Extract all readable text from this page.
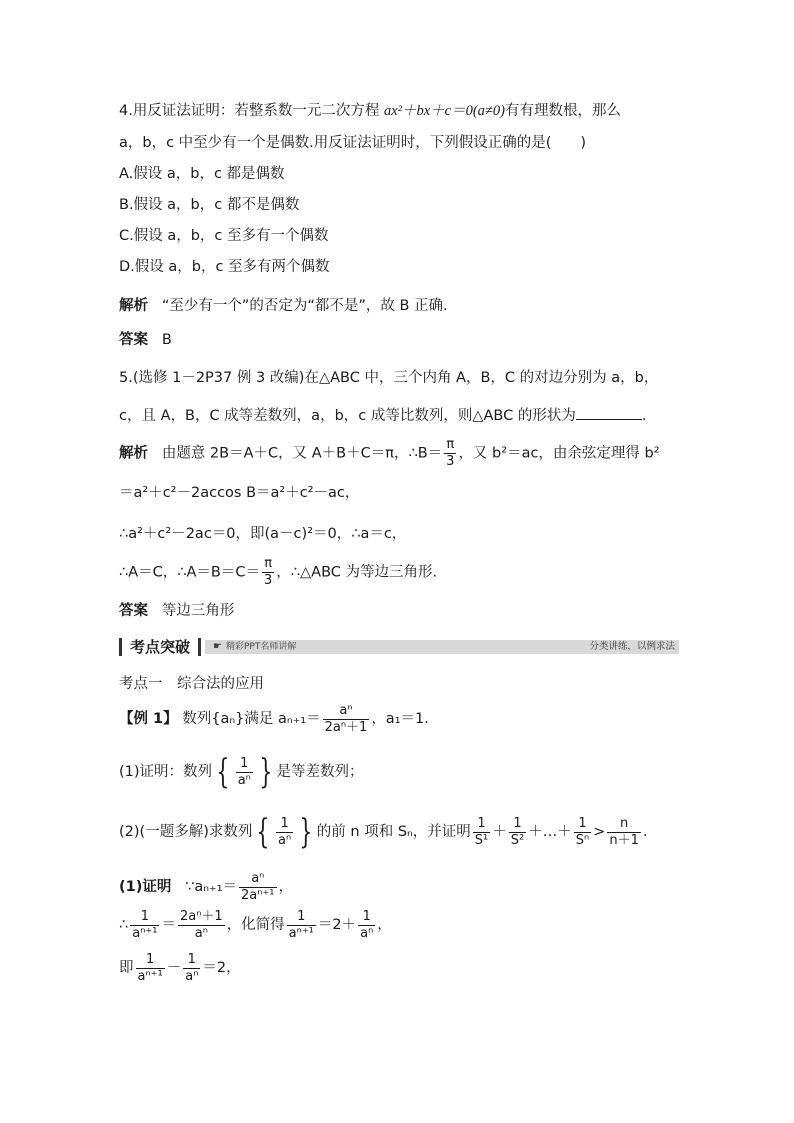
4.用反证法证明：若整系数一元二次方程 ax²＋bx＋c＝0(a≠0)有有理数根，那么
a，b，c 中至少有一个是偶数.用反证法证明时，下列假设正确的是(　　)
A.假设 a，b，c 都是偶数
B.假设 a，b，c 都不是偶数
C.假设 a，b，c 至多有一个偶数
D.假设 a，b，c 至多有两个偶数
解析 “至少有一个”的否定为“都不是”，故 B 正确.
答案 B
5.(选修 1－2P37 例 3 改编)在△ABC 中，三个内角 A，B，C 的对边分别为 a，b，
c，且 A，B，C 成等差数列，a，b，c 成等比数列，则△ABC 的形状为	.
解析 由题意 2B＝A＋C，又 A＋B＋C＝π，∴B＝ $\frac{\pi}{3}$ ，又 b²＝ac，由余弦定理得 b²
＝a²＋c²－2accos B＝a²＋c²－ac，
∴a²＋c²－2ac＝0，即(a－c)²＝0，∴a＝c，
∴A＝C，∴A＝B＝C＝ $\frac{\pi}{3}$ ，∴△ABC 为等边三角形.
答案 等边三角形
考点突破	☛ 精彩PPT名师讲解	分类讲练，以例求法
考点一　综合法的应用
【例 1】 数列{aₙ}满足 $a_{n+1}= \frac{\text{aⁿ}}{\text{2aⁿ＋1}}$ ，a₁＝1.
(1)证明：数列 { $\frac{1}{\text{aⁿ}}$ } 是等差数列；
(2)(一题多解)求数列 { $\frac{1}{\text{aⁿ}}$ } 的前 n 项和 Sₙ，并证明 $\frac{1}{\text{S¹}} + \frac{1}{\text{S²}}$ ＋…＋ $\frac{1}{\text{Sⁿ}} > \frac{n}{n+1}$ .
(1)证明 ∵aₙ₊₁＝ $\frac{\text{aⁿ}}{\text{2aⁿ⁺¹}}$ ，
∴ $\frac{1}{\text{aⁿ⁺¹}} = \frac{\text{2aⁿ＋1}}{\text{aⁿ}}$ ，化简得 $\frac{1}{\text{aⁿ⁺¹}} =2+ \frac{1}{\text{aⁿ}}$ ，
即 $\frac{1}{\text{aⁿ⁺¹}} - \frac{1}{\text{aⁿ}} =2$，
